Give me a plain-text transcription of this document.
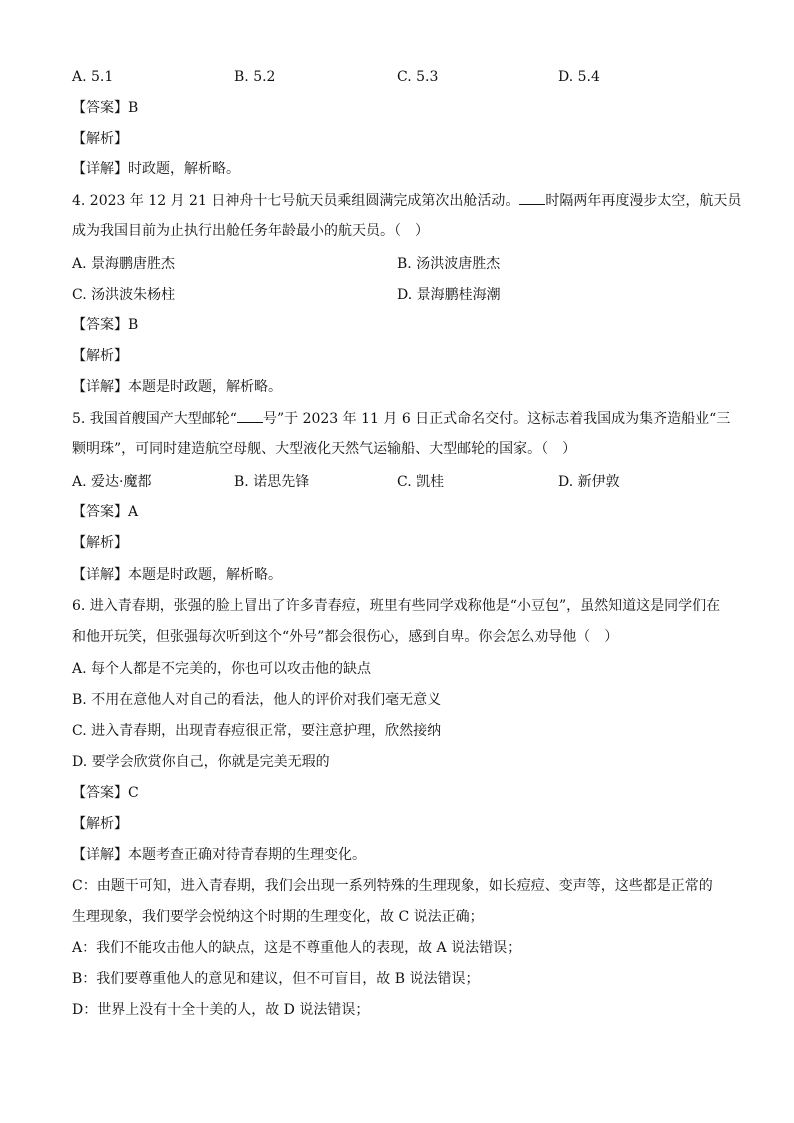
A. 5.1	B. 5.2	C. 5.3	D. 5.4
【答案】B
【解析】
【详解】时政题，解析略。
4. 2023 年 12 月 21 日神舟十七号航天员乘组圆满完成第次出舱活动。 时隔两年再度漫步太空，航天员
成为我国目前为止执行出舱任务年龄最小的航天员。（　）
A. 景海鹏唐胜杰	B. 汤洪波唐胜杰
C. 汤洪波朱杨柱	D. 景海鹏桂海潮
【答案】B
【解析】
【详解】本题是时政题，解析略。
5. 我国首艘国产大型邮轮“ 号”于 2023 年 11 月 6 日正式命名交付。这标志着我国成为集齐造船业“三
颗明珠”，可同时建造航空母舰、大型液化天然气运输船、大型邮轮的国家。（　）
A. 爱达·魔都	B. 诺思先锋	C. 凯桂	D. 新伊敦
【答案】A
【解析】
【详解】本题是时政题，解析略。
6. 进入青春期，张强的脸上冒出了许多青春痘，班里有些同学戏称他是“小豆包”，虽然知道这是同学们在
和他开玩笑，但张强每次听到这个“外号”都会很伤心，感到自卑。你会怎么劝导他（　）
A. 每个人都是不完美的，你也可以攻击他的缺点
B. 不用在意他人对自己的看法，他人的评价对我们毫无意义
C. 进入青春期，出现青春痘很正常，要注意护理，欣然接纳
D. 要学会欣赏你自己，你就是完美无瑕的
【答案】C
【解析】
【详解】本题考查正确对待青春期的生理变化。
C：由题干可知，进入青春期，我们会出现一系列特殊的生理现象，如长痘痘、变声等，这些都是正常的
生理现象，我们要学会悦纳这个时期的生理变化，故 C 说法正确；
A：我们不能攻击他人的缺点，这是不尊重他人的表现，故 A 说法错误；
B：我们要尊重他人的意见和建议，但不可盲目，故 B 说法错误；
D：世界上没有十全十美的人，故 D 说法错误；
